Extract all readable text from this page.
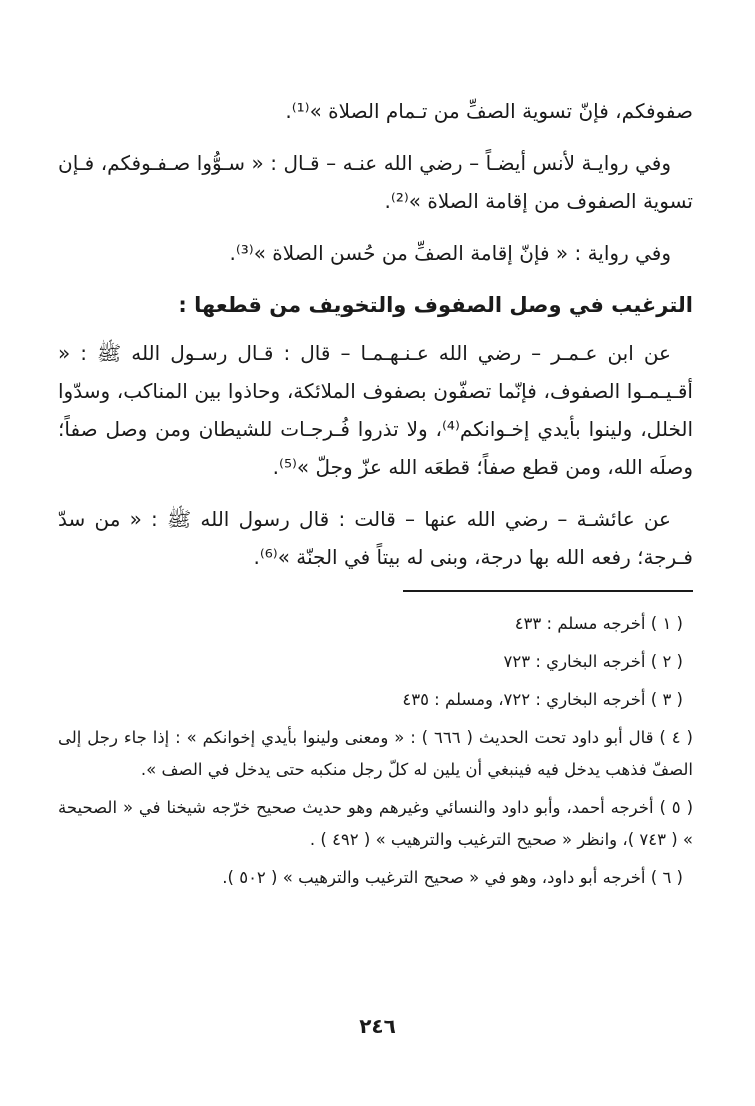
صفوفكم، فإنّ تسوية الصفِّ من تـمام الصلاة »⁽¹⁾.

وفي روايـة لأنس أيضـاً – رضي الله عنـه – قـال : « سـوُّوا صـفـوفكم، فـإن تسوية الصفوف من إقامة الصلاة »⁽²⁾.

وفي رواية : « فإنّ إقامة الصفِّ من حُسن الصلاة »⁽³⁾.

الترغيب في وصل الصفوف والتخويف من قطعها :

عن ابن عـمـر – رضي الله عـنـهـمـا – قال : قـال رسـول الله ﷺ : « أقـيـمـوا الصفوف، فإنّما تصفّون بصفوف الملائكة، وحاذوا بين المناكب، وسدّوا الخلل، ولينوا بأيدي إخـوانكم⁽⁴⁾، ولا تذروا فُـرجـات للشيطان ومن وصل صفاً؛ وصلَه الله، ومن قطع صفاً؛ قطعَه الله عزّ وجلّ »⁽⁵⁾.

عن عائشـة – رضي الله عنها – قالت : قال رسول الله ﷺ : « من سدّ فـرجة؛ رفعه الله بها درجة، وبنى له بيتاً في الجنّة »⁽⁶⁾.

( ١ ) أخرجه مسلم : ٤٣٣

( ٢ ) أخرجه البخاري : ٧٢٣

( ٣ ) أخرجه البخاري : ٧٢٢، ومسلم : ٤٣٥

( ٤ ) قال أبو داود تحت الحديث ( ٦٦٦ ) : « ومعنى ولينوا بأيدي إخوانكم » : إذا جاء رجل إلى الصفّ فذهب يدخل فيه فينبغي أن يلين له كلّ رجل منكبه حتى يدخل في الصف ».

( ٥ ) أخرجه أحمد، وأبو داود والنسائي وغيرهم وهو حديث صحيح خرّجه شيخنا في « الصحيحة » ( ٧٤٣ )، وانظر « صحيح الترغيب والترهيب » ( ٤٩٢ ) .

( ٦ ) أخرجه أبو داود، وهو في « صحيح الترغيب والترهيب » ( ٥٠٢ ).

٢٤٦
